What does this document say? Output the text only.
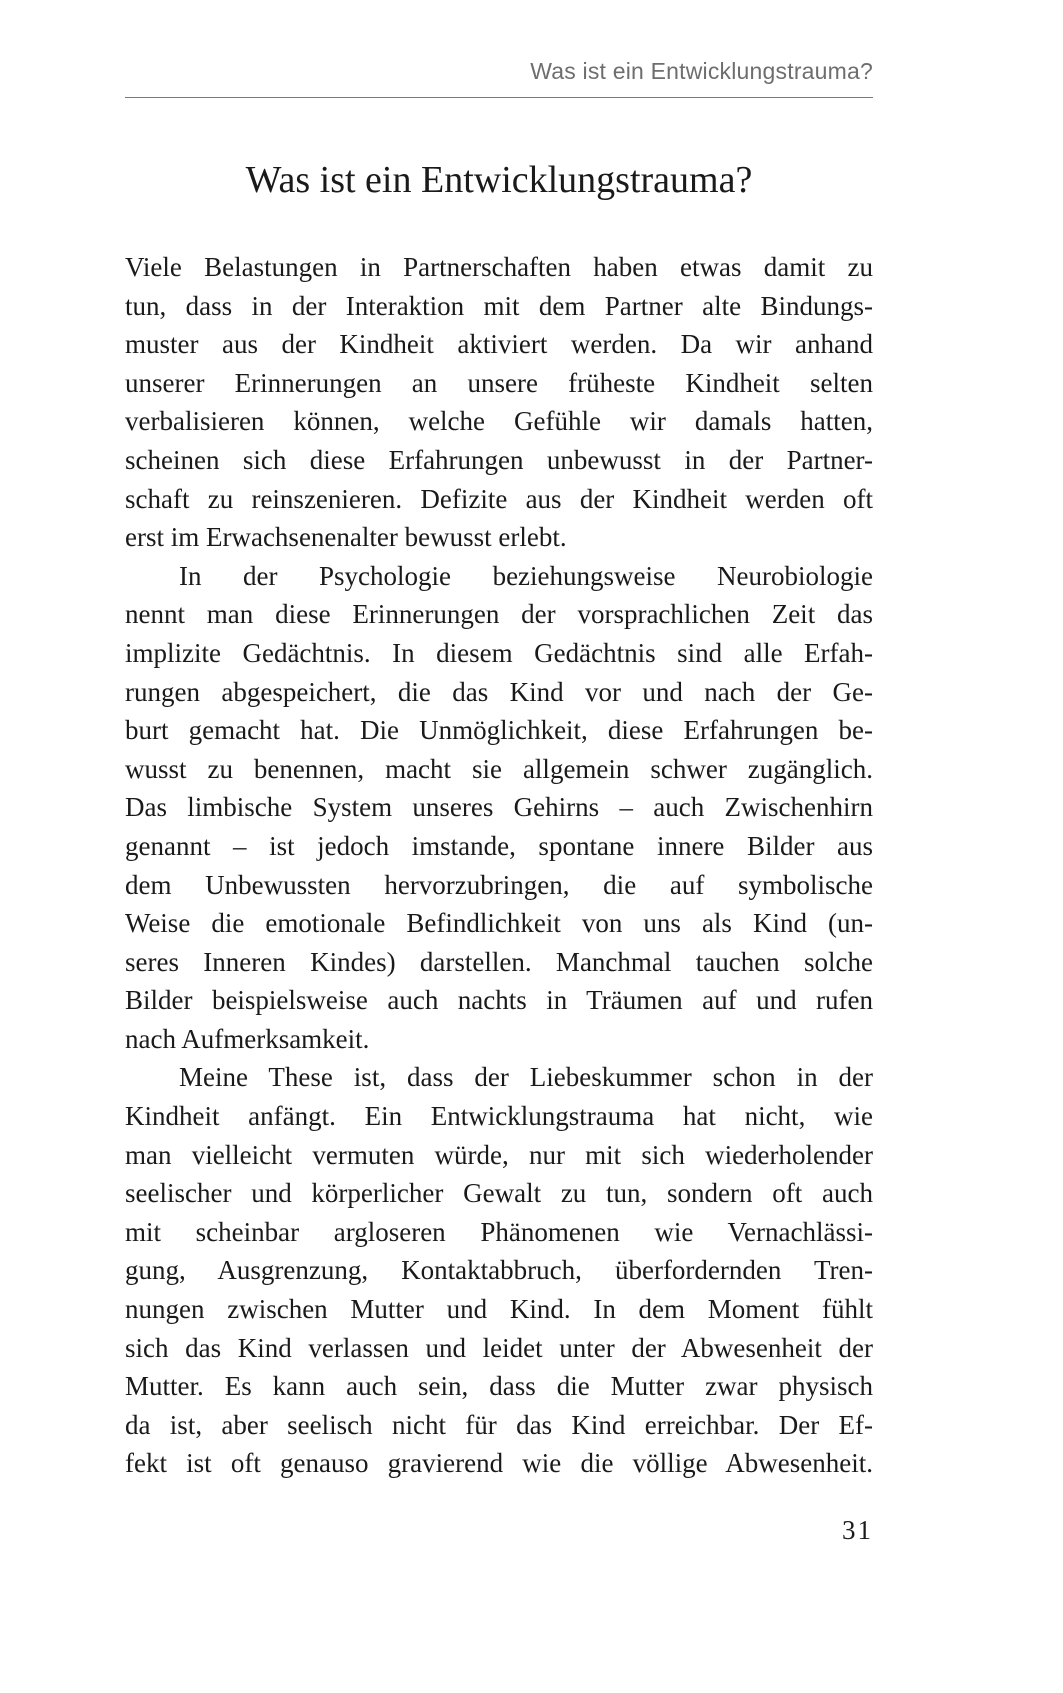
Was ist ein Entwicklungstrauma?
Was ist ein Entwicklungstrauma?

Viele Belastungen in Partnerschaften haben etwas damit zu
tun, dass in der Interaktion mit dem Partner alte Bindungs-
muster aus der Kindheit aktiviert werden. Da wir anhand
unserer Erinnerungen an unsere früheste Kindheit selten
verbalisieren können, welche Gefühle wir damals hatten,
scheinen sich diese Erfahrungen unbewusst in der Partner-
schaft zu reinszenieren. Defizite aus der Kindheit werden oft
erst im Erwachsenenalter bewusst erlebt.

In der Psychologie beziehungsweise Neurobiologie
nennt man diese Erinnerungen der vorsprachlichen Zeit das
implizite Gedächtnis. In diesem Gedächtnis sind alle Erfah-
rungen abgespeichert, die das Kind vor und nach der Ge-
burt gemacht hat. Die Unmöglichkeit, diese Erfahrungen be-
wusst zu benennen, macht sie allgemein schwer zugänglich.
Das limbische System unseres Gehirns – auch Zwischenhirn
genannt – ist jedoch imstande, spontane innere Bilder aus
dem Unbewussten hervorzubringen, die auf symbolische
Weise die emotionale Befindlichkeit von uns als Kind (un-
seres Inneren Kindes) darstellen. Manchmal tauchen solche
Bilder beispielsweise auch nachts in Träumen auf und rufen
nach Aufmerksamkeit.

Meine These ist, dass der Liebeskummer schon in der
Kindheit anfängt. Ein Entwicklungstrauma hat nicht, wie
man vielleicht vermuten würde, nur mit sich wiederholender
seelischer und körperlicher Gewalt zu tun, sondern oft auch
mit scheinbar argloseren Phänomenen wie Vernachlässi-
gung, Ausgrenzung, Kontaktabbruch, überfordernden Tren-
nungen zwischen Mutter und Kind. In dem Moment fühlt
sich das Kind verlassen und leidet unter der Abwesenheit der
Mutter. Es kann auch sein, dass die Mutter zwar physisch
da ist, aber seelisch nicht für das Kind erreichbar. Der Ef-
fekt ist oft genauso gravierend wie die völlige Abwesenheit.

31
